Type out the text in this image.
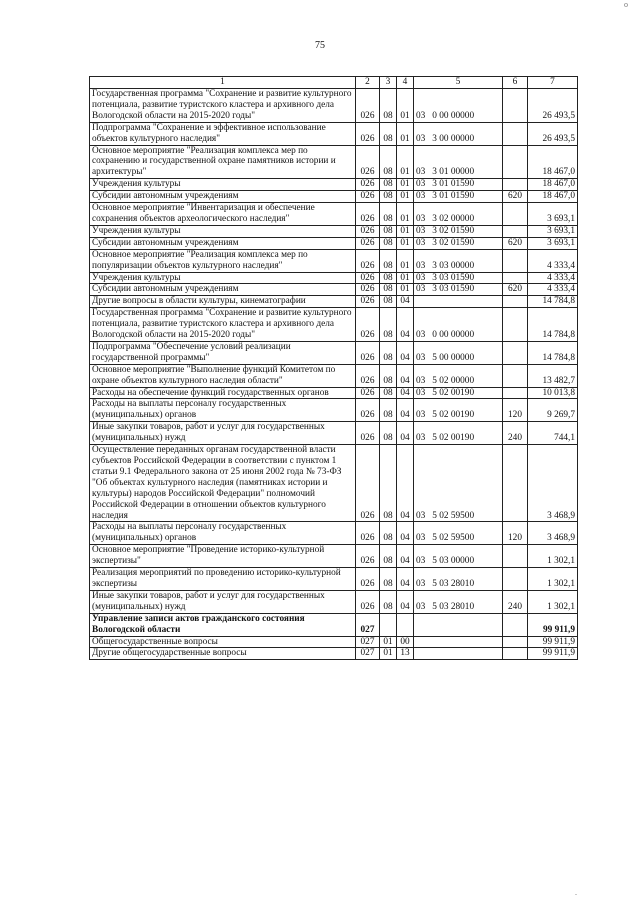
75
o
.
1	2	3	4	5	6	7
Государственная программа "Сохранение и развитие культурного потенциала, развитие туристского кластера и архивного дела Вологодской области на 2015-2020 годы"	026	08	01	03   0 00 00000		26 493,5
Подпрограмма "Сохранение и эффективное использование объектов культурного наследия"	026	08	01	03   3 00 00000		26 493,5
Основное мероприятие "Реализация комплекса мер по сохранению и государственной охране памятников истории и архитектуры"	026	08	01	03   3 01 00000		18 467,0
Учреждения культуры	026	08	01	03   3 01 01590		18 467,0
Субсидии автономным учреждениям	026	08	01	03   3 01 01590	620	18 467,0
Основное мероприятие "Инвентаризация и обеспечение сохранения объектов археологического наследия"	026	08	01	03   3 02 00000		3 693,1
Учреждения культуры	026	08	01	03   3 02 01590		3 693,1
Субсидии автономным учреждениям	026	08	01	03   3 02 01590	620	3 693,1
Основное мероприятие "Реализация комплекса мер по популяризации объектов культурного наследия"	026	08	01	03   3 03 00000		4 333,4
Учреждения культуры	026	08	01	03   3 03 01590		4 333,4
Субсидии автономным учреждениям	026	08	01	03   3 03 01590	620	4 333,4
Другие вопросы в области культуры, кинематографии	026	08	04			14 784,8
Государственная программа "Сохранение и развитие культурного потенциала, развитие туристского кластера и архивного дела Вологодской области на 2015-2020 годы"	026	08	04	03   0 00 00000		14 784,8
Подпрограмма "Обеспечение условий реализации государственной программы"	026	08	04	03   5 00 00000		14 784,8
Основное мероприятие "Выполнение функций Комитетом по охране объектов культурного наследия области"	026	08	04	03   5 02 00000		13 482,7
Расходы на обеспечение функций государственных органов	026	08	04	03   5 02 00190		10 013,8
Расходы на выплаты персоналу государственных (муниципальных) органов	026	08	04	03   5 02 00190	120	9 269,7
Иные закупки товаров, работ и услуг для государственных (муниципальных) нужд	026	08	04	03   5 02 00190	240	744,1
Осуществление переданных органам государственной власти субъектов Российской Федерации в соответствии с пунктом 1 статьи 9.1 Федерального закона от 25 июня 2002 года № 73-ФЗ "Об объектах культурного наследия (памятниках истории и культуры) народов Российской Федерации" полномочий Российской Федерации в отношении объектов культурного наследия	026	08	04	03   5 02 59500		3 468,9
Расходы на выплаты персоналу государственных (муниципальных) органов	026	08	04	03   5 02 59500	120	3 468,9
Основное мероприятие "Проведение историко-культурной экспертизы"	026	08	04	03   5 03 00000		1 302,1
Реализация мероприятий по проведению историко-культурной экспертизы	026	08	04	03   5 03 28010		1 302,1
Иные закупки товаров, работ и услуг для государственных (муниципальных) нужд	026	08	04	03   5 03 28010	240	1 302,1
Управление записи актов гражданского состояния Вологодской области	027					99 911,9
Общегосударственные вопросы	027	01	00			99 911,9
Другие общегосударственные вопросы	027	01	13			99 911,9
